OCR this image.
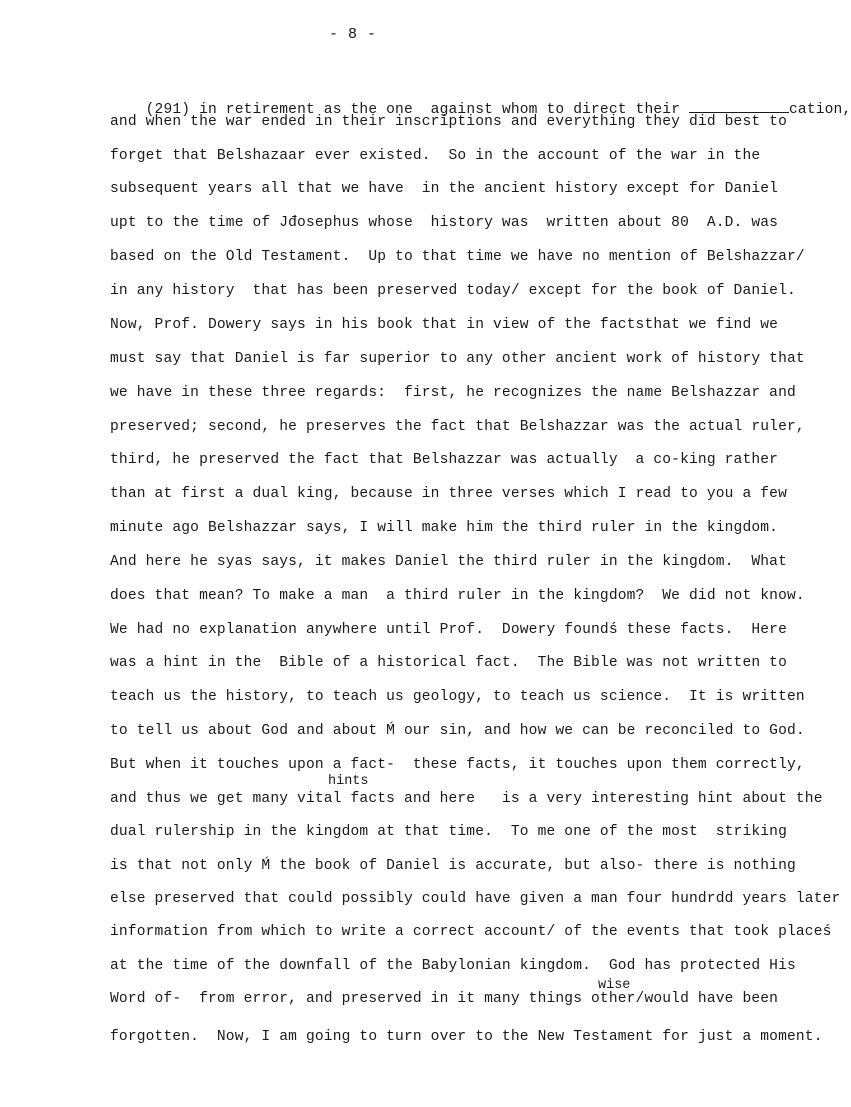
- 8 -

(291) in retirement as the one  against whom to direct their	cation,

and when the war ended in their inscriptions and everything they did best to
forget that Belshazaar ever existed.  So in the account of the war in the
subsequent years all that we have  in the ancient history except for Daniel
upt to the time of Jđosephus whose  history was  written about 80  A.D. was
based on the Old Testament.  Up to that time we have no mention of Belshazzar/
in any history  that has been preserved today/ except for the book of Daniel.
Now, Prof. Dowery says in his book that in view of the factsthat we find we
must say that Daniel is far superior to any other ancient work of history that
we have in these three regards:  first, he recognizes the name Belshazzar and
preserved; second, he preserves the fact that Belshazzar was the actual ruler,
third, he preserved the fact that Belshazzar was actually  a co-king rather
than at first a dual king, because in three verses which I read to you a few
minute ago Belshazzar says, I will make him the third ruler in the kingdom.
And here he syas says, it makes Daniel the third ruler in the kingdom.  What
does that mean? To make a man  a third ruler in the kingdom?  We did not know.
We had no explanation anywhere until Prof.  Dowery foundś these facts.  Here
was a hint in the  Bible of a historical fact.  The Bible was not written to
teach us the history, to teach us geology, to teach us science.  It is written
to tell us about God and about Ḿ our sin, and how we can be reconciled to God.
But when it touches upon a fact-  these facts, it touches upon them correctly,
and thus we get many vital facts and here   is a very interesting hint about the
dual rulership in the kingdom at that time.  To me one of the most  striking
is that not only Ḿ the book of Daniel is accurate, but also- there is nothing
else preserved that could possibly could have given a man four hundrdd years later
information from which to write a correct account/ of the events that took placeś
at the time of the downfall of the Babylonian kingdom.  God has protected His
Word of-  from error, and preserved in it many things other/would have been
forgotten.  Now, I am going to turn over to the New Testament for just a moment.
hints
wise
